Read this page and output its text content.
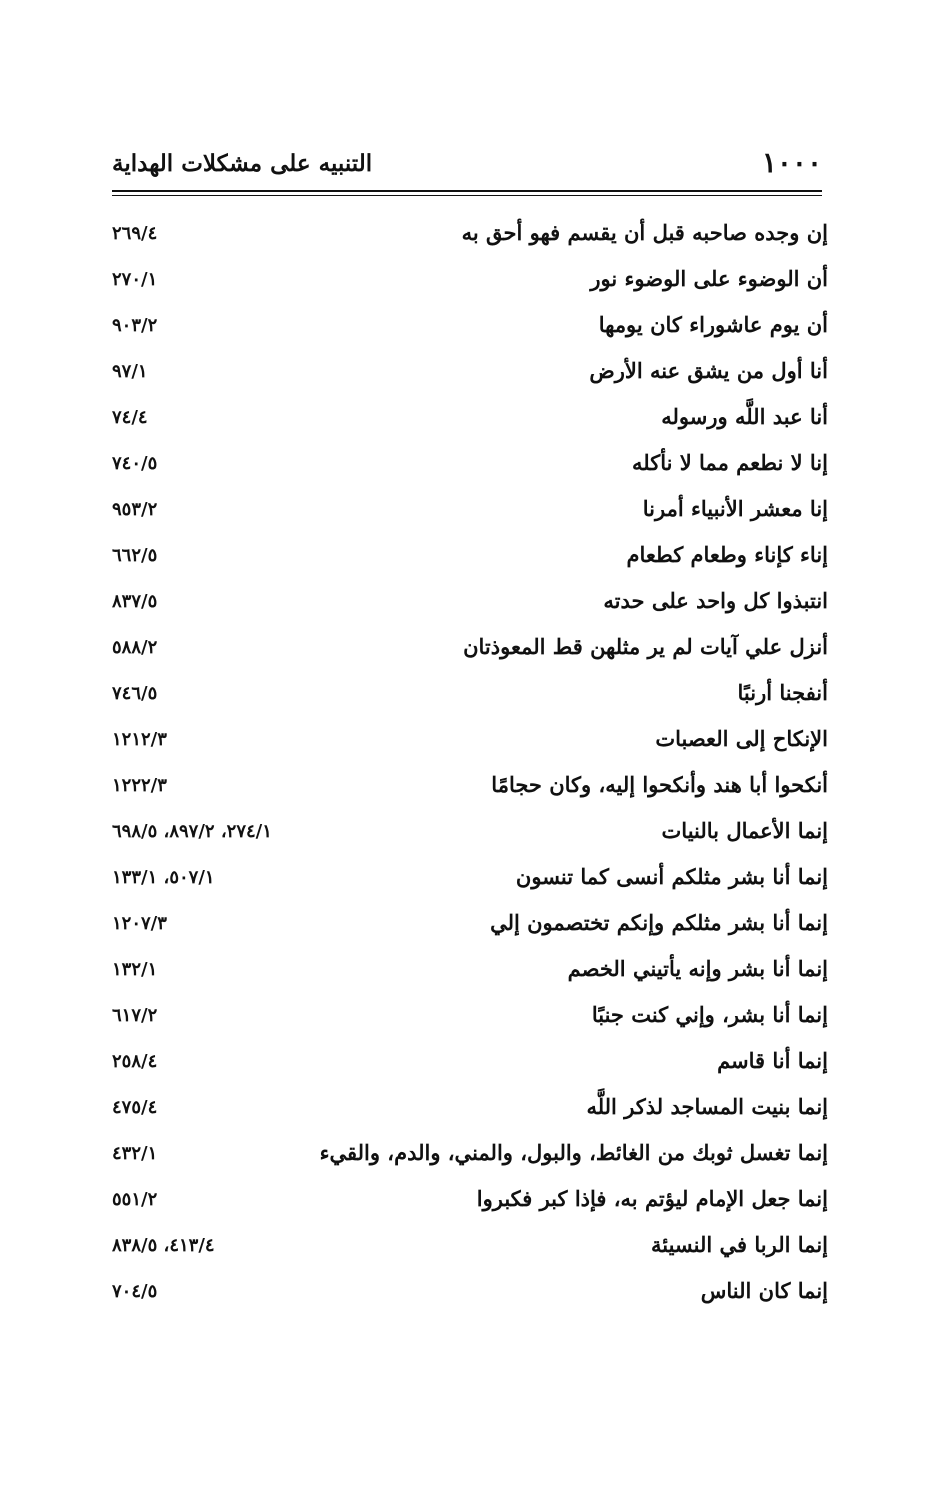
١٠٠٠
التنبيه على مشكلات الهداية
إن وجده صاحبه قبل أن يقسم فهو أحق به
٢٦٩/٤
أن الوضوء على الوضوء نور
٢٧٠/١
أن يوم عاشوراء كان يومها
٩٠٣/٢
أنا أول من يشق عنه الأرض
٩٧/١
أنا عبد اللَّه ورسوله
٧٤/٤
إنا لا نطعم مما لا نأكله
٧٤٠/٥
إنا معشر الأنبياء أمرنا
٩٥٣/٢
إناء كإناء وطعام كطعام
٦٦٢/٥
انتبذوا كل واحد على حدته
٨٣٧/٥
أنزل علي آيات لم ير مثلهن قط المعوذتان
٥٨٨/٢
أنفجنا أرنبًا
٧٤٦/٥
الإنكاح إلى العصبات
١٢١٢/٣
أنكحوا أبا هند وأنكحوا إليه، وكان حجامًا
١٢٢٢/٣
إنما الأعمال بالنيات
٢٧٤/١، ٨٩٧/٢، ٦٩٨/٥
إنما أنا بشر مثلكم أنسى كما تنسون
٥٠٧/١، ١٣٣/١
إنما أنا بشر مثلكم وإنكم تختصمون إلي
١٢٠٧/٣
إنما أنا بشر وإنه يأتيني الخصم
١٣٢/١
إنما أنا بشر، وإني كنت جنبًا
٦١٧/٢
إنما أنا قاسم
٢٥٨/٤
إنما بنيت المساجد لذكر اللَّه
٤٧٥/٤
إنما تغسل ثوبك من الغائط، والبول، والمني، والدم، والقيء
٤٣٢/١
إنما جعل الإمام ليؤتم به، فإذا كبر فكبروا
٥٥١/٢
إنما الربا في النسيئة
٤١٣/٤، ٨٣٨/٥
إنما كان الناس
٧٠٤/٥
